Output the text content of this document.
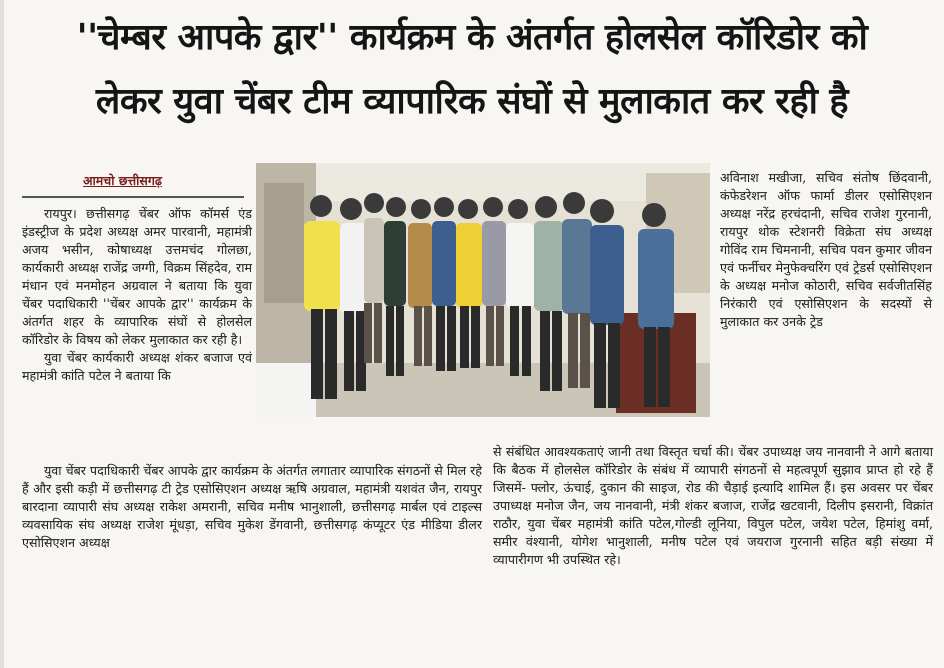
''चेम्बर आपके द्वार'' कार्यक्रम के अंतर्गत होलसेल कॉरिडोर को
लेकर युवा चेंबर टीम व्यापारिक संघों से मुलाकात कर रही है
आमचो छत्तीसगढ़

रायपुर। छत्तीसगढ़ चेंबर ऑफ कॉमर्स एंड इंडस्ट्रीज के प्रदेश अध्यक्ष अमर पारवानी, महामंत्री अजय भसीन, कोषाध्यक्ष उत्तमचंद गोलछा, कार्यकारी अध्यक्ष राजेंद्र जग्गी, विक्रम सिंहदेव, राम मंधान एवं मनमोहन अग्रवाल ने बताया कि युवा चेंबर पदाधिकारी ''चेंबर आपके द्वार'' कार्यक्रम के अंतर्गत शहर के व्यापारिक संघों से होलसेल कॉरिडोर के विषय को लेकर मुलाकात कर रही है।

युवा चेंबर कार्यकारी अध्यक्ष शंकर बजाज एवं महामंत्री कांति पटेल ने बताया कि

अविनाश मखीजा, सचिव संतोष छिंदवानी, कंफेडरेशन ऑफ फार्मा डीलर एसोसिएशन अध्यक्ष नरेंद्र हरचंदानी, सचिव राजेश गुरनानी, रायपुर थोक स्टेशनरी विक्रेता संघ अध्यक्ष गोविंद राम चिमनानी, सचिव पवन कुमार जीवन एवं फर्नीचर मेनुफेक्चरिंग एवं ट्रेडर्स एसोसिएशन के अध्यक्ष मनोज कोठारी, सचिव सर्वजीतसिंह निरंकारी एवं एसोसिएशन के सदस्यों से मुलाकात कर उनके ट्रेड

युवा चेंबर पदाधिकारी चेंबर आपके द्वार कार्यक्रम के अंतर्गत लगातार व्यापारिक संगठनों से मिल रहे हैं और इसी कड़ी में छत्तीसगढ़ टी ट्रेड एसोसिएशन अध्यक्ष ऋषि अग्रवाल, महामंत्री यशवंत जैन, रायपुर बारदाना व्यापारी संघ अध्यक्ष राकेश अमरानी, सचिव मनीष भानुशाली, छत्तीसगढ़ मार्बल एवं टाइल्स व्यवसायिक संघ अध्यक्ष राजेश मूंधड़ा, सचिव मुकेश डेंगवानी, छत्तीसगढ़ कंप्यूटर एंड मीडिया डीलर एसोसिएशन अध्यक्ष

से संबंधित आवश्यकताएं जानी तथा विस्तृत चर्चा की। चेंबर उपाध्यक्ष जय नानवानी ने आगे बताया कि बैठक में होलसेल कॉरिडोर के संबंध में व्यापारी संगठनों से महत्वपूर्ण सुझाव प्राप्त हो रहे हैं जिसमें- फ्लोर, ऊंचाई, दुकान की साइज, रोड की चैड़ाई इत्यादि शामिल हैं। इस अवसर पर चेंबर उपाध्यक्ष मनोज जैन, जय नानवानी, मंत्री शंकर बजाज, राजेंद्र खटवानी, दिलीप इसरानी, विक्रांत राठौर, युवा चेंबर महामंत्री कांति पटेल,गोल्डी लूनिया, विपुल पटेल, जयेश पटेल, हिमांशु वर्मा, समीर वंश्यानी, योगेश भानुशाली, मनीष पटेल एवं जयराज गुरनानी सहित बड़ी संख्या में व्यापारीगण भी उपस्थित रहे।
